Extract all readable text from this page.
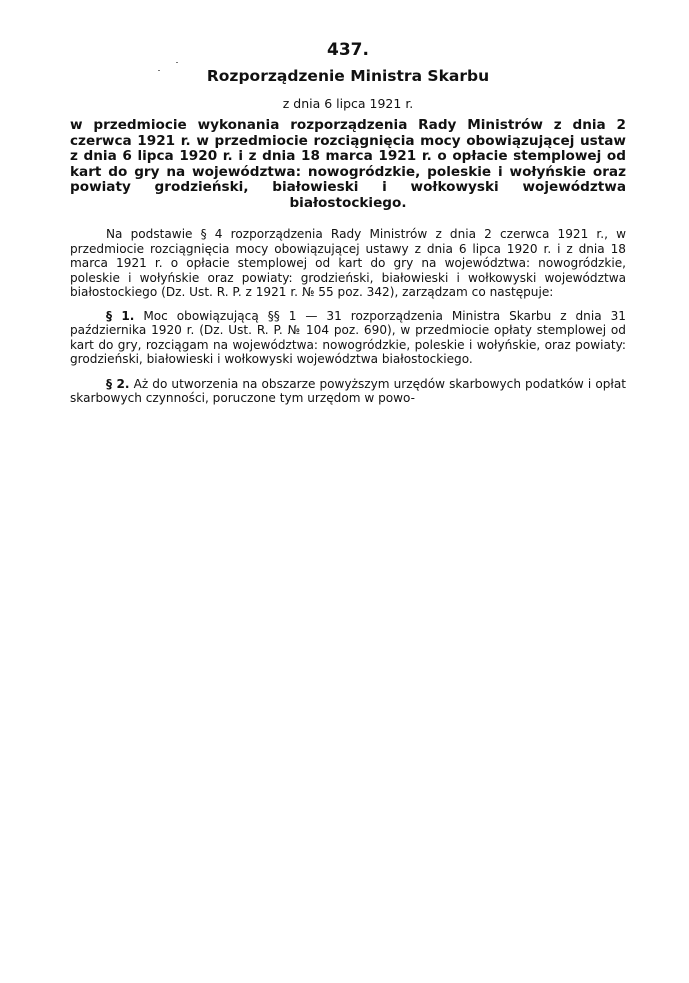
437.

Rozporządzenie Ministra Skarbu

z dnia 6 lipca 1921 r.

w przedmiocie wykonania rozporządzenia Rady Ministrów z dnia 2 czerwca 1921 r. w przedmiocie rozciągnięcia mocy obowiązującej ustaw z dnia 6 lipca 1920 r. i z dnia 18 marca 1921 r. o opłacie stemplowej od kart do gry na województwa: nowogródzkie, poleskie i wołyńskie oraz powiaty grodzieński, białowieski i wołkowyski województwa białostockiego.

Na podstawie § 4 rozporządzenia Rady Ministrów z dnia 2 czerwca 1921 r., w przedmiocie rozciągnięcia mocy obowiązującej ustawy z dnia 6 lipca 1920 r. i z dnia 18 marca 1921 r. o opłacie stemplowej od kart do gry na województwa: nowogródzkie, poleskie i wołyńskie oraz powiaty: grodzieński, białowieski i wołkowyski województwa białostockiego (Dz. Ust. R. P. z 1921 r. № 55 poz. 342), zarządzam co następuje:

§ 1. Moc obowiązującą §§ 1 — 31 rozporządzenia Ministra Skarbu z dnia 31 października 1920 r. (Dz. Ust. R. P. № 104 poz. 690), w przedmiocie opłaty stemplowej od kart do gry, rozciągam na województwa: nowogródzkie, poleskie i wołyńskie, oraz powiaty: grodzieński, białowieski i wołkowyski województwa białostockiego.

§ 2. Aż do utworzenia na obszarze powyższym urzędów skarbowych podatków i opłat skarbowych czynności, poruczone tym urzędom w powo-
